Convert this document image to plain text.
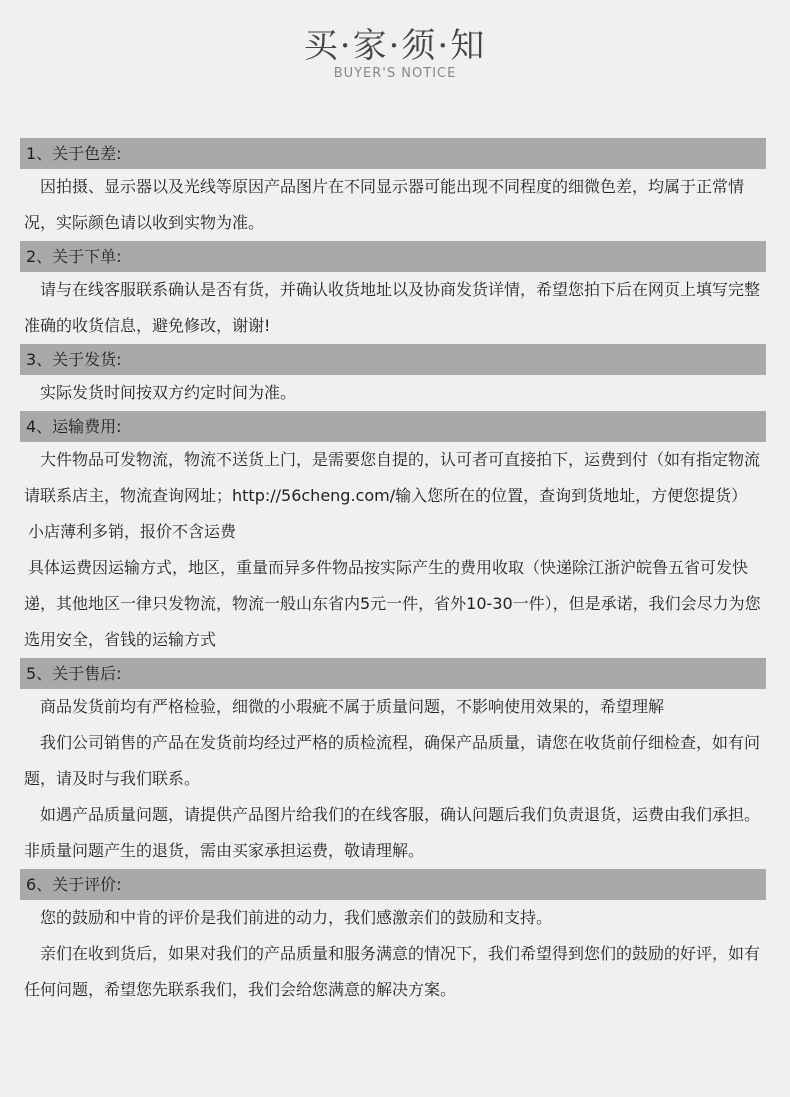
买·家·须·知
BUYER'S NOTICE
1、关于色差:
因拍摄、显示器以及光线等原因产品图片在不同显示器可能出现不同程度的细微色差，均属于正常情况，实际颜色请以收到实物为准。
2、关于下单:
请与在线客服联系确认是否有货，并确认收货地址以及协商发货详情，希望您拍下后在网页上填写完整准确的收货信息，避免修改，谢谢!
3、关于发货:
实际发货时间按双方约定时间为准。
4、运输费用:
大件物品可发物流，物流不送货上门，是需要您自提的，认可者可直接拍下，运费到付（如有指定物流请联系店主，物流查询网址；http://56cheng.com/输入您所在的位置，查询到货地址，方便您提货）
小店薄利多销，报价不含运费
具体运费因运输方式，地区，重量而异多件物品按实际产生的费用收取（快递除江浙沪皖鲁五省可发快递，其他地区一律只发物流，物流一般山东省内5元一件，省外10-30一件），但是承诺，我们会尽力为您选用安全，省钱的运输方式
5、关于售后:
商品发货前均有严格检验，细微的小瑕疵不属于质量问题，不影响使用效果的，希望理解
我们公司销售的产品在发货前均经过严格的质检流程，确保产品质量，请您在收货前仔细检查，如有问题，请及时与我们联系。
如遇产品质量问题，请提供产品图片给我们的在线客服，确认问题后我们负责退货，运费由我们承担。非质量问题产生的退货，需由买家承担运费，敬请理解。
6、关于评价:
您的鼓励和中肯的评价是我们前进的动力，我们感激亲们的鼓励和支持。
亲们在收到货后，如果对我们的产品质量和服务满意的情况下，我们希望得到您们的鼓励的好评，如有任何问题，希望您先联系我们，我们会给您满意的解决方案。
